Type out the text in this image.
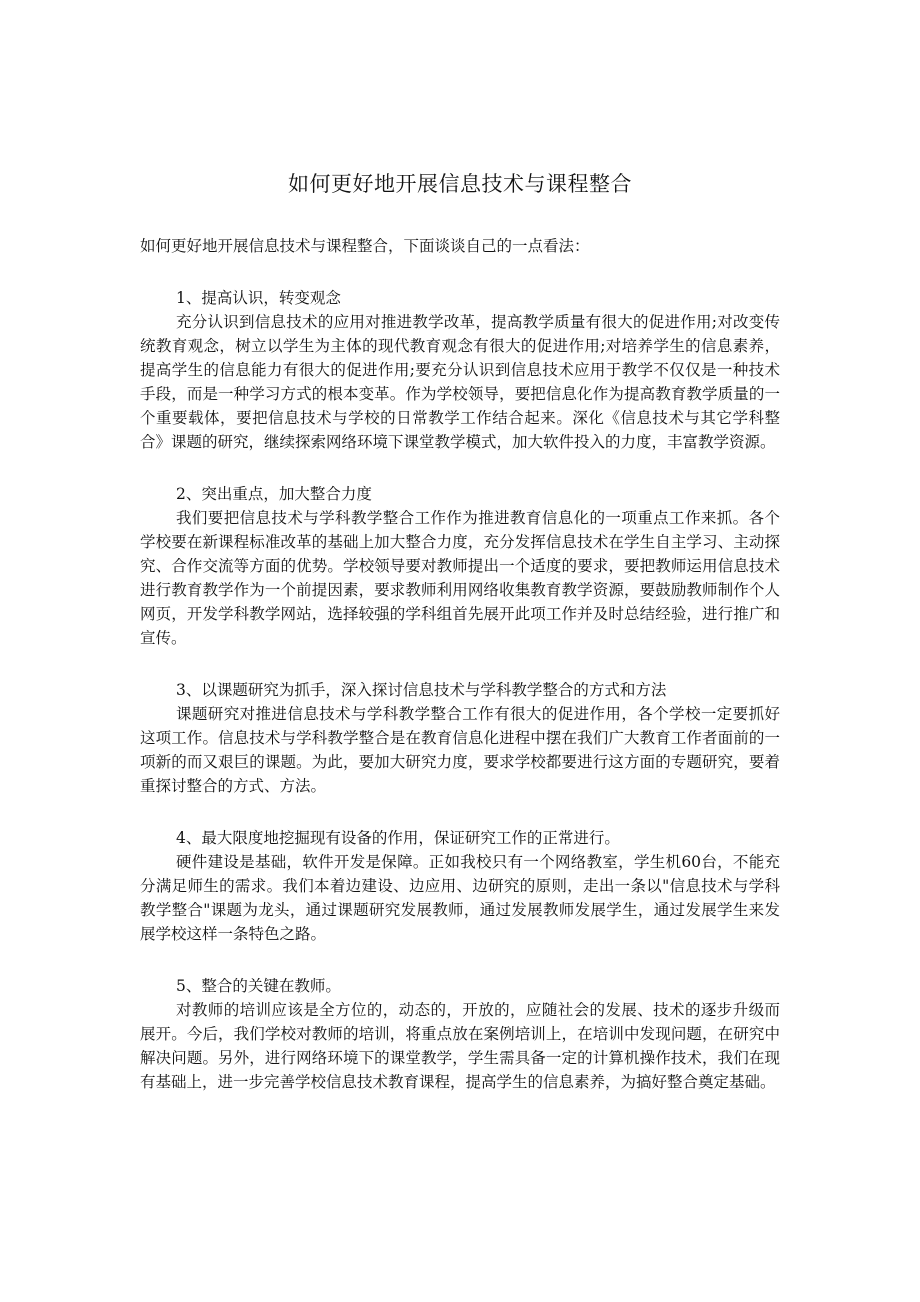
如何更好地开展信息技术与课程整合

如何更好地开展信息技术与课程整合，下面谈谈自己的一点看法：

1、提高认识，转变观念

充分认识到信息技术的应用对推进教学改革，提高教学质量有很大的促进作用;对改变传统教育观念，树立以学生为主体的现代教育观念有很大的促进作用;对培养学生的信息素养，提高学生的信息能力有很大的促进作用;要充分认识到信息技术应用于教学不仅仅是一种技术手段，而是一种学习方式的根本变革。作为学校领导，要把信息化作为提高教育教学质量的一个重要载体，要把信息技术与学校的日常教学工作结合起来。深化《信息技术与其它学科整合》课题的研究，继续探索网络环境下课堂教学模式，加大软件投入的力度，丰富教学资源。

2、突出重点，加大整合力度

我们要把信息技术与学科教学整合工作作为推进教育信息化的一项重点工作来抓。各个学校要在新课程标准改革的基础上加大整合力度，充分发挥信息技术在学生自主学习、主动探究、合作交流等方面的优势。学校领导要对教师提出一个适度的要求，要把教师运用信息技术进行教育教学作为一个前提因素，要求教师利用网络收集教育教学资源，要鼓励教师制作个人网页，开发学科教学网站，选择较强的学科组首先展开此项工作并及时总结经验，进行推广和宣传。

3、以课题研究为抓手，深入探讨信息技术与学科教学整合的方式和方法

课题研究对推进信息技术与学科教学整合工作有很大的促进作用，各个学校一定要抓好这项工作。信息技术与学科教学整合是在教育信息化进程中摆在我们广大教育工作者面前的一项新的而又艰巨的课题。为此，要加大研究力度，要求学校都要进行这方面的专题研究，要着重探讨整合的方式、方法。

4、最大限度地挖掘现有设备的作用，保证研究工作的正常进行。

硬件建设是基础，软件开发是保障。正如我校只有一个网络教室，学生机60台，不能充分满足师生的需求。我们本着边建设、边应用、边研究的原则，走出一条以"信息技术与学科教学整合"课题为龙头，通过课题研究发展教师，通过发展教师发展学生，通过发展学生来发展学校这样一条特色之路。

5、整合的关键在教师。

对教师的培训应该是全方位的，动态的，开放的，应随社会的发展、技术的逐步升级而展开。今后，我们学校对教师的培训，将重点放在案例培训上，在培训中发现问题，在研究中解决问题。另外，进行网络环境下的课堂教学，学生需具备一定的计算机操作技术，我们在现有基础上，进一步完善学校信息技术教育课程，提高学生的信息素养，为搞好整合奠定基础。
